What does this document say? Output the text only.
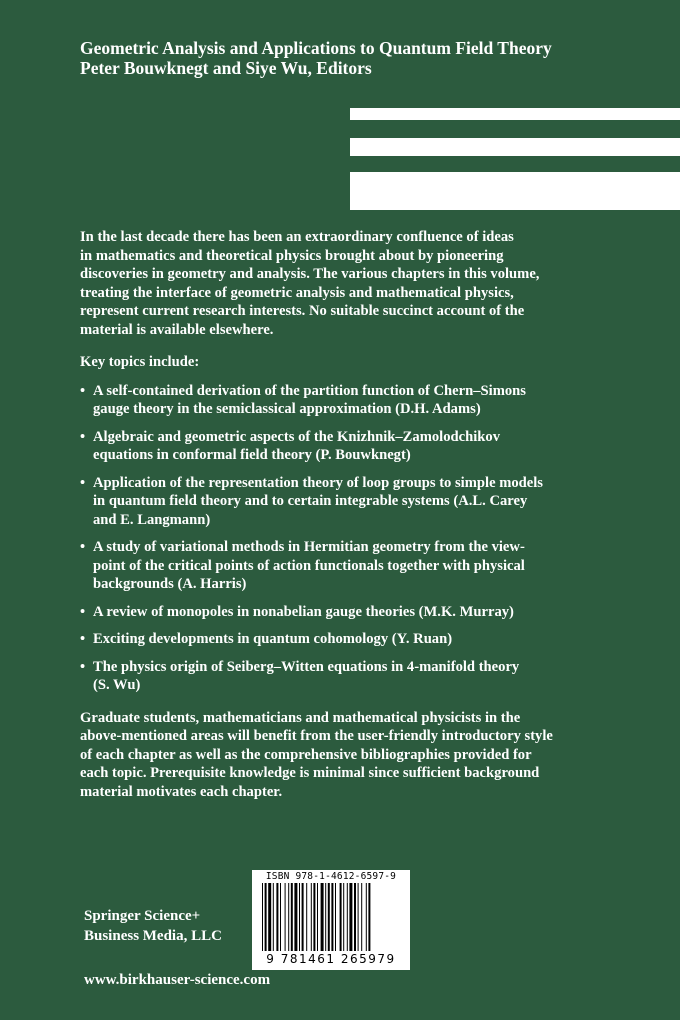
Geometric Analysis and Applications to Quantum Field Theory
Peter Bouwknegt and Siye Wu, Editors

In the last decade there has been an extraordinary confluence of ideas
in mathematics and theoretical physics brought about by pioneering
discoveries in geometry and analysis. The various chapters in this volume,
treating the interface of geometric analysis and mathematical physics,
represent current research interests. No suitable succinct account of the
material is available elsewhere.

Key topics include:

• A self-contained derivation of the partition function of Chern–Simons
gauge theory in the semiclassical approximation (D.H. Adams)
• Algebraic and geometric aspects of the Knizhnik–Zamolodchikov
equations in conformal field theory (P. Bouwknegt)
• Application of the representation theory of loop groups to simple models
in quantum field theory and to certain integrable systems (A.L. Carey
and E. Langmann)
• A study of variational methods in Hermitian geometry from the view-
point of the critical points of action functionals together with physical
backgrounds (A. Harris)
• A review of monopoles in nonabelian gauge theories (M.K. Murray)
• Exciting developments in quantum cohomology (Y. Ruan)
• The physics origin of Seiberg–Witten equations in 4-manifold theory
(S. Wu)

Graduate students, mathematicians and mathematical physicists in the
above-mentioned areas will benefit from the user-friendly introductory style
of each chapter as well as the comprehensive bibliographies provided for
each topic. Prerequisite knowledge is minimal since sufficient background
material motivates each chapter.

Springer Science+
Business Media, LLC
ISBN 978-1-4612-6597-9
9 781461 265979
www.birkhauser-science.com
